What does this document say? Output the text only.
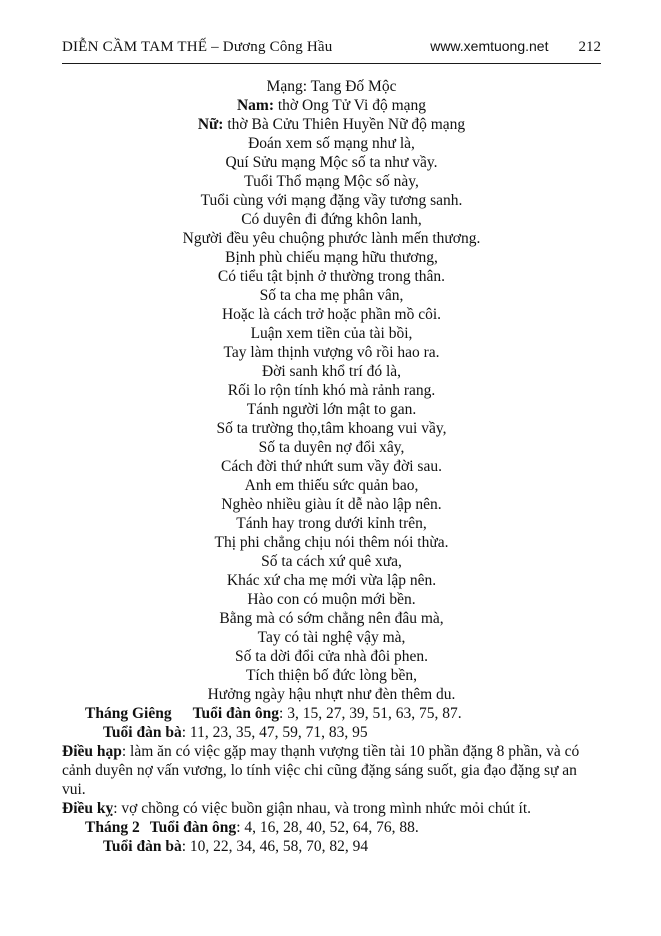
DIỄN CẦM TAM THẾ – Dương Công Hầu	www.xemtuong.net 212
Mạng: Tang Đố Mộc
Nam: thờ Ong Tử Vi độ mạng
Nữ: thờ Bà Cửu Thiên Huyền Nữ độ mạng
Đoán xem số mạng như là,
Quí Sửu mạng Mộc số ta như vầy.
Tuổi Thổ mạng Mộc số này,
Tuổi cùng với mạng đặng vầy tương sanh.
Có duyên đi đứng khôn lanh,
Người đều yêu chuộng phước lành mến thương.
Bịnh phù chiếu mạng hữu thương,
Có tiểu tật bịnh ở thường trong thân.
Số ta cha mẹ phân vân,
Hoặc là cách trở hoặc phần mồ côi.
Luận xem tiền của tài bồi,
Tay làm thịnh vượng vô rồi hao ra.
Đời sanh khổ trí đó là,
Rối lo rộn tính khó mà rảnh rang.
Tánh người lớn mật to gan.
Số ta trường thọ,tâm khoang vui vầy,
Số ta duyên nợ đổi xây,
Cách đời thứ nhứt sum vầy đời sau.
Anh em thiếu sức quản bao,
Nghèo nhiều giàu ít dễ nào lập nên.
Tánh hay trong dưới kỉnh trên,
Thị phi chẳng chịu nói thêm nói thừa.
Số ta cách xứ quê xưa,
Khác xứ cha mẹ mới vừa lập nên.
Hào con có muộn mới bền.
Bằng mà có sớm chẳng nên đâu mà,
Tay có tài nghệ vậy mà,
Số ta dời đổi cửa nhà đôi phen.
Tích thiện bố đức lòng bền,
Hưởng ngày hậu nhựt như đèn thêm du.
Tháng Giêng Tuổi đàn ông: 3, 15, 27, 39, 51, 63, 75, 87.
Tuổi đàn bà: 11, 23, 35, 47, 59, 71, 83, 95

Điều hạp: làm ăn có việc gặp may thạnh vượng tiền tài 10 phần đặng 8 phần, và có cảnh duyên nợ vấn vương, lo tính việc chi cũng đặng sáng suốt, gia đạo đặng sự an vui.

Điều kỵ: vợ chồng có việc buồn giận nhau, và trong mình nhức mỏi chút ít.

Tháng 2 Tuổi đàn ông: 4, 16, 28, 40, 52, 64, 76, 88.
Tuổi đàn bà: 10, 22, 34, 46, 58, 70, 82, 94
